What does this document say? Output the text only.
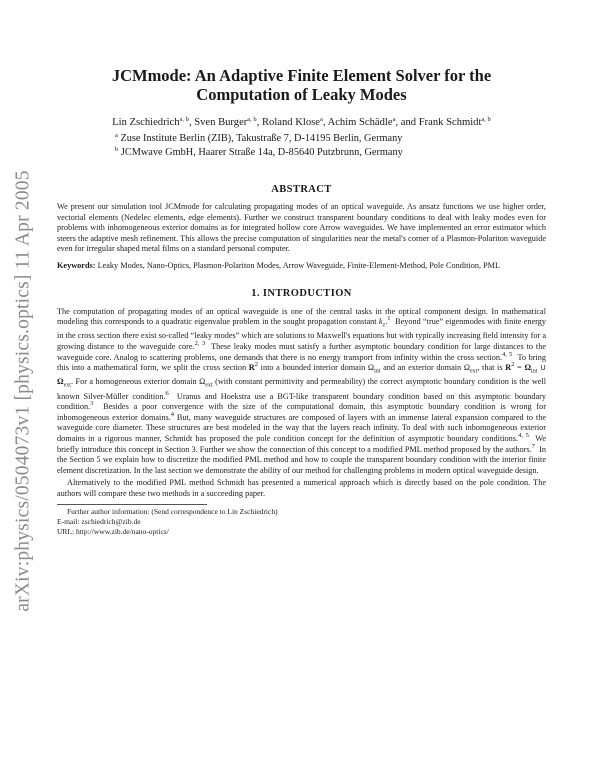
arXiv:physics/0504073v1 [physics.optics] 11 Apr 2005
JCMmode: An Adaptive Finite Element Solver for the
Computation of Leaky Modes
Lin Zschiedrich$^{a, b}$, Sven Burger$^{a, b}$, Roland Klose$^a$, Achim Schädle$^a$, and Frank Schmidt$^{a, b}$
$^a$ Zuse Institute Berlin (ZIB), Takustraße 7, D-14195 Berlin, Germany
$^b$ JCMwave GmbH, Haarer Straße 14a, D-85640 Putzbrunn, Germany
ABSTRACT
We present our simulation tool JCMmode for calculating propagating modes of an optical waveguide. As ansatz functions we use higher order, vectorial elements (Nedelec elements, edge elements). Further we construct transparent boundary conditions to deal with leaky modes even for problems with inhomogeneous exterior domains as for integrated hollow core Arrow waveguides. We have implemented an error estimator which steers the adaptive mesh refinement. This allows the precise computation of singularities near the metal's corner of a Plasmon-Polariton waveguide even for irregular shaped metal films on a standard personal computer.
Keywords: Leaky Modes, Nano-Optics, Plasmon-Polariton Modes, Arrow Waveguide, Finite-Element-Method, Pole Condition, PML
1. INTRODUCTION

The computation of propagating modes of an optical waveguide is one of the central tasks in the optical component design. In mathematical modeling this corresponds to a quadratic eigenvalue problem in the sought propagation constant $k_z.^1$ Beyond “true” eigenmodes with finite energy in the cross section there exist so-called “leaky modes” which are solutions to Maxwell's equations but with typically increasing field intensity for a growing distance to the waveguide core.$^{2, 3}$ These leaky modes must satisfy a further asymptotic boundary condition for large distances to the waveguide core. Analog to scattering problems, one demands that there is no energy transport from infinity within the cross section.$^{4, 5}$ To bring this into a mathematical form, we split the cross section $R^2$ into a bounded interior domain $\Omega_{int}$ and an exterior domain $\Omega_{ext}$, that is $R^2 = \Omega_{int}$ ∪ $\Omega_{ext}$. For a homogeneous exterior domain $\Omega_{ext}$ (with constant permittivity and permeability) the correct asymptotic boundary condition is the well known Silver-Müller condition.$^6$ Uranus and Hoekstra use a BGT-like transparent boundary condition based on this asymptotic boundary condition.$^3$ Besides a poor convergence with the size of the computational domain, this asymptotic boundary condition is wrong for inhomogeneous exterior domains.$^4$ But, many waveguide structures are composed of layers with an immense lateral expansion compared to the waveguide core diameter. These structures are best modeled in the way that the layers reach infinity. To deal with such inhomogeneous exterior domains in a rigorous manner, Schmidt has proposed the pole condition concept for the definition of asymptotic boundary conditions.$^{4, 5}$ We briefly introduce this concept in Section 3. Further we show the connection of this concept to a modified PML method proposed by the authors.$^7$ In the Section 5 we explain how to discretize the modified PML method and how to couple the transparent boundary condition with the interior finite element discretization. In the last section we demonstrate the ability of our method for challenging problems in modern optical waveguide design.

Alternatively to the modified PML method Schmidt has presented a numerical approach which is directly based on the pole condition. The authors will compare these two methods in a succeeding paper.

Further author information: (Send correspondence to Lin Zschiedrich)
E-mail: zschiedrich@zib.de
URL: http://www.zib.de/nano-optics/
